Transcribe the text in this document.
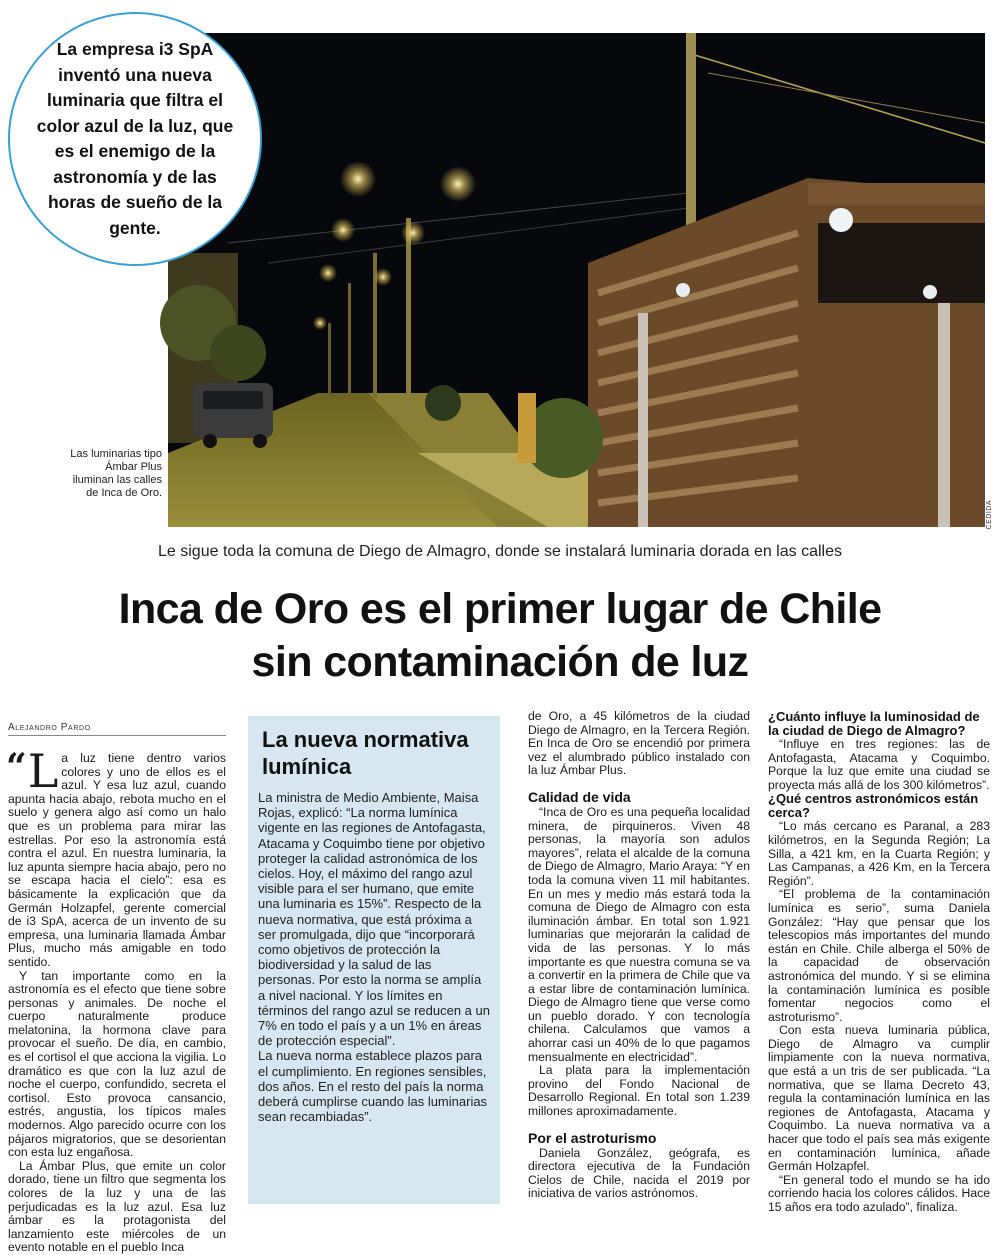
CEDIDA
Las luminarias tipo Ámbar Plus iluminan las calles de Inca de Oro.

La empresa i3 SpA inventó una nueva luminaria que filtra el color azul de la luz, que es el enemigo de la astronomía y de las horas de sueño de la gente.

Le sigue toda la comuna de Diego de Almagro, donde se instalará luminaria dorada en las calles
Inca de Oro es el primer lugar de Chile
sin contaminación de luz
Alejandro Pardo

“ L a luz tiene dentro varios colores y uno de ellos es el azul. Y esa luz azul, cuando apunta hacia abajo, rebota mucho en el suelo y genera algo así como un halo que es un problema para mirar las estrellas. Por eso la astronomía está contra el azul. En nuestra luminaria, la luz apunta siempre hacia abajo, pero no se escapa hacia el cielo”: esa es básicamente la explicación que da Germán Holzapfel, gerente comercial de i3 SpA, acerca de un invento de su empresa, una luminaria llamada Ámbar Plus, mucho más amigable en todo sentido.

Y tan importante como en la astronomía es el efecto que tiene sobre personas y animales. De noche el cuerpo naturalmente produce melatonina, la hormona clave para provocar el sueño. De día, en cambio, es el cortisol el que acciona la vigilia. Lo dramático es que con la luz azul de noche el cuerpo, confundido, secreta el cortisol. Esto provoca cansancio, estrés, angustia, los típicos males modernos. Algo parecido ocurre con los pájaros migratorios, que se desorientan con esta luz engañosa.

La Ámbar Plus, que emite un color dorado, tiene un filtro que segmenta los colores de la luz y una de las perjudicadas es la luz azul. Esa luz ámbar es la protagonista del lanzamiento este miércoles de un evento notable en el pueblo Inca

La nueva normativa lumínica

La ministra de Medio Ambiente, Maisa Rojas, explicó: “La norma lumínica vigente en las regiones de Antofagasta, Atacama y Coquimbo tiene por objetivo proteger la calidad astronómica de los cielos. Hoy, el máximo del rango azul visible para el ser humano, que emite una luminaria es 15%”. Respecto de la nueva normativa, que está próxima a ser promulgada, dijo que “incorporará como objetivos de protección la biodiversidad y la salud de las personas. Por esto la norma se amplía a nivel nacional. Y los límites en términos del rango azul se reducen a un 7% en todo el país y a un 1% en áreas de protección especial”.

La nueva norma establece plazos para el cumplimiento. En regiones sensibles, dos años. En el resto del país la norma deberá cumplirse cuando las luminarias sean recambiadas”.

de Oro, a 45 kilómetros de la ciudad Diego de Almagro, en la Tercera Región. En Inca de Oro se encendió por primera vez el alumbrado público instalado con la luz Ámbar Plus.

Calidad de vida

“Inca de Oro es una pequeña localidad minera, de pirquineros. Viven 48 personas, la mayoría son adulos mayores”, relata el alcalde de la comuna de Diego de Almagro, Mario Araya: “Y en toda la comuna viven 11 mil habitantes. En un mes y medio más estará toda la comuna de Diego de Almagro con esta iluminación ámbar. En total son 1.921 luminarias que mejorarán la calidad de vida de las personas. Y lo más importante es que nuestra comuna se va a convertir en la primera de Chile que va a estar libre de contaminación lumínica. Diego de Almagro tiene que verse como un pueblo dorado. Y con tecnología chilena. Calculamos que vamos a ahorrar casi un 40% de lo que pagamos mensualmente en electricidad”.

La plata para la implementación provino del Fondo Nacional de Desarrollo Regional. En total son 1.239 millones aproximadamente.

Por el astroturismo

Daniela González, geógrafa, es directora ejecutiva de la Fundación Cielos de Chile, nacida el 2019 por iniciativa de varios astrónomos.

¿Cuánto influye la luminosidad de la ciudad de Diego de Almagro?

“Influye en tres regiones: las de Antofagasta, Atacama y Coquimbo. Porque la luz que emite una ciudad se proyecta más allá de los 300 kilómetros”.

¿Qué centros astronómicos están cerca?

“Lo más cercano es Paranal, a 283 kilómetros, en la Segunda Región; La Silla, a 421 km, en la Cuarta Región; y Las Campanas, a 426 Km, en la Tercera Región”.

“El problema de la contaminación lumínica es serio”, suma Daniela González: “Hay que pensar que los telescopios más importantes del mundo están en Chile. Chile alberga el 50% de la capacidad de observación astronómica del mundo. Y si se elimina la contaminación lumínica es posible fomentar negocios como el astroturismo”.

Con esta nueva luminaria pública, Diego de Almagro va cumplir limpiamente con la nueva normativa, que está a un tris de ser publicada. “La normativa, que se llama Decreto 43, regula la contaminación lumínica en las regiones de Antofagasta, Atacama y Coquimbo. La nueva normativa va a hacer que todo el país sea más exigente en contaminación lumínica, añade Germán Holzapfel.

“En general todo el mundo se ha ido corriendo hacia los colores cálidos. Hace 15 años era todo azulado”, finaliza.
